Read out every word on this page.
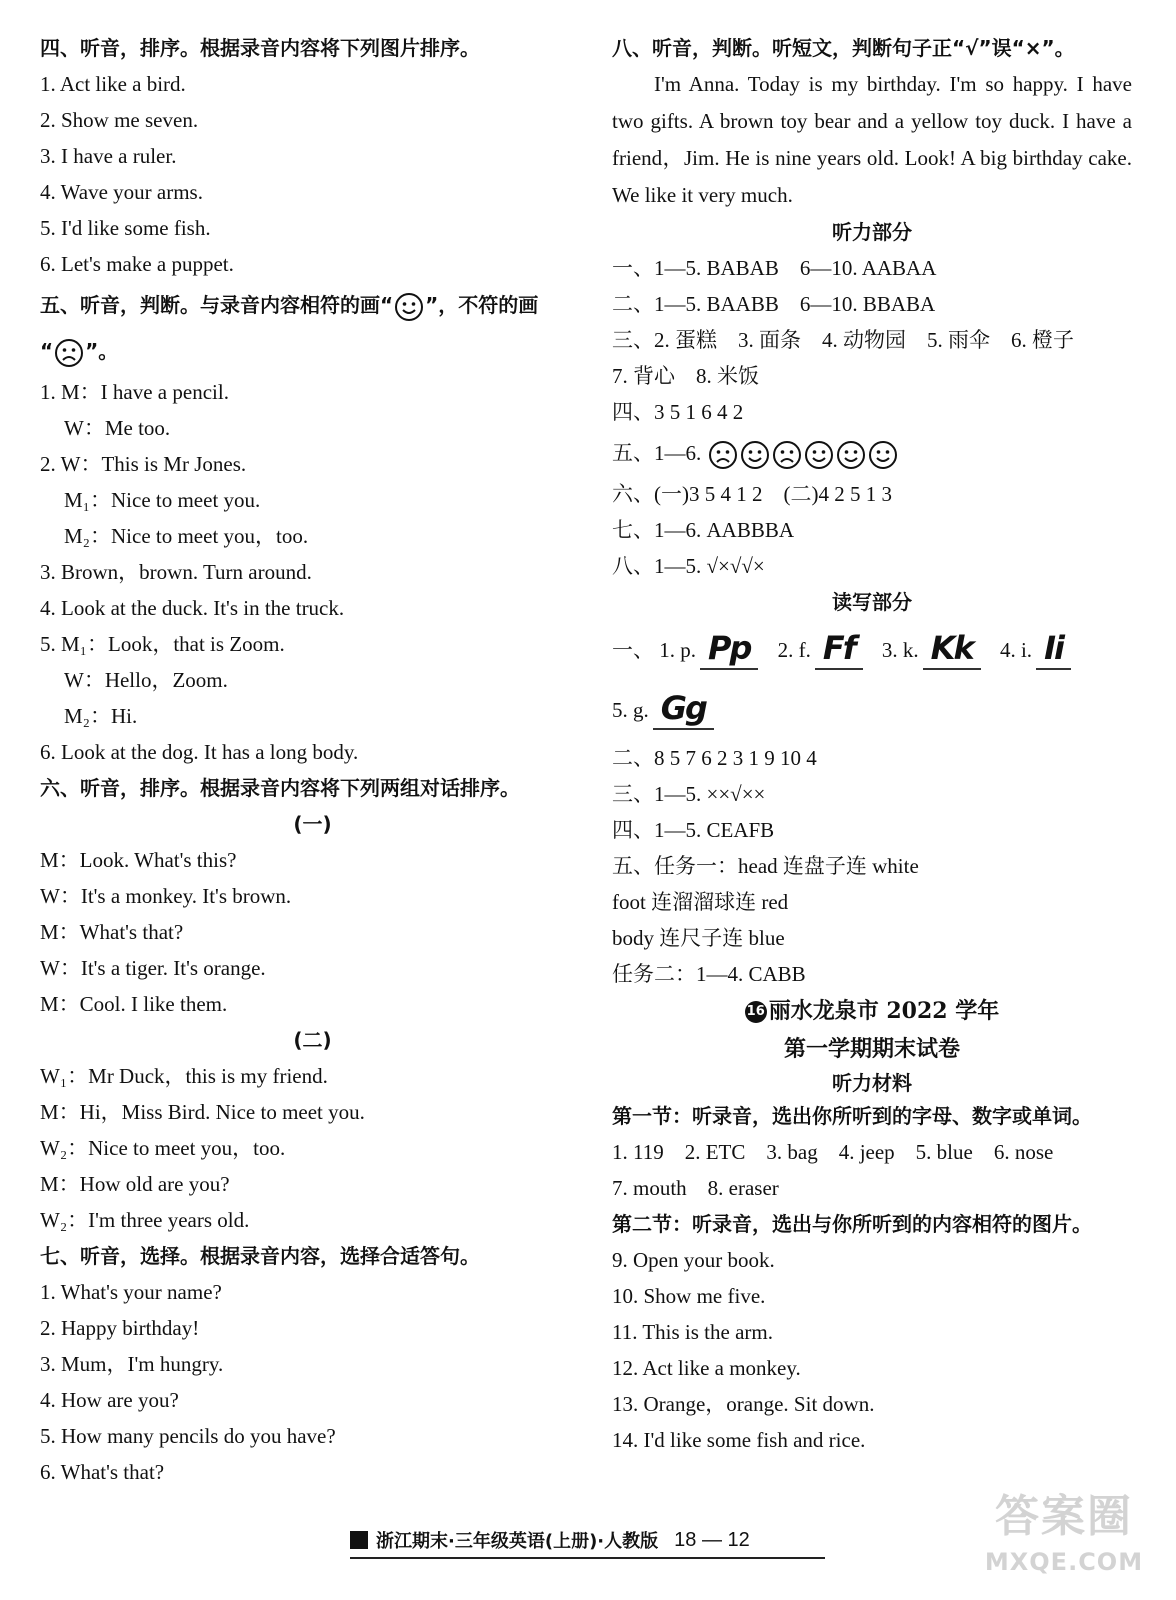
四、听音，排序。根据录音内容将下列图片排序。
1. Act like a bird.
2. Show me seven.
3. I have a ruler.
4. Wave your arms.
5. I'd like some fish.
6. Let's make a puppet.
五、听音，判断。与录音内容相符的画“ ”，不符的画
“ ”。
1. M：I have a pencil.
W：Me too.
2. W：This is Mr Jones.
M₁：Nice to meet you.
M₂：Nice to meet you，too.
3. Brown，brown. Turn around.
4. Look at the duck. It's in the truck.
5. M₁：Look，that is Zoom.
W：Hello，Zoom.
M₂：Hi.
6. Look at the dog. It has a long body.
六、听音，排序。根据录音内容将下列两组对话排序。
(一)
M：Look. What's this?
W：It's a monkey. It's brown.
M：What's that?
W：It's a tiger. It's orange.
M：Cool. I like them.
(二)
W₁：Mr Duck，this is my friend.
M：Hi，Miss Bird. Nice to meet you.
W₂：Nice to meet you，too.
M：How old are you?
W₂：I'm three years old.
七、听音，选择。根据录音内容，选择合适答句。
1. What's your name?
2. Happy birthday!
3. Mum，I'm hungry.
4. How are you?
5. How many pencils do you have?
6. What's that?
八、听音，判断。听短文，判断句子正“√”误“×”。
I'm Anna. Today is my birthday. I'm so happy. I have two gifts. A brown toy bear and a yellow toy duck. I have a friend，Jim. He is nine years old. Look! A big birthday cake. We like it very much.
听力部分
一、1—5. BABAB　6—10. AABAA
二、1—5. BAABB　6—10. BBABA
三、2. 蛋糕　3. 面条　4. 动物园　5. 雨伞　6. 橙子
7. 背心　8. 米饭
四、3 5 1 6 4 2
五、1—6.
六、(一)3 5 4 1 2　(二)4 2 5 1 3
七、1—6. AABBBA
八、1—5. √×√√×
读写部分
一、 1. p. Pp 2. f. Ff 3. k. Kk 4. i. Ii
5. g. Gg
二、8 5 7 6 2 3 1 9 10 4
三、1—5. ××√××
四、1—5. CEAFB
五、任务一：head 连盘子连 white
foot 连溜溜球连 red
body 连尺子连 blue
任务二：1—4. CABB
16 丽水龙泉市 2022 学年
第一学期期末试卷
听力材料
第一节：听录音，选出你所听到的字母、数字或单词。
1. 119　2. ETC　3. bag　4. jeep　5. blue　6. nose
7. mouth　8. eraser
第二节：听录音，选出与你所听到的内容相符的图片。
9. Open your book.
10. Show me five.
11. This is the arm.
12. Act like a monkey.
13. Orange，orange. Sit down.
14. I'd like some fish and rice.
浙江期末·三年级英语(上册)·人教版 18 — 12	答案圈
MXQE.COM
